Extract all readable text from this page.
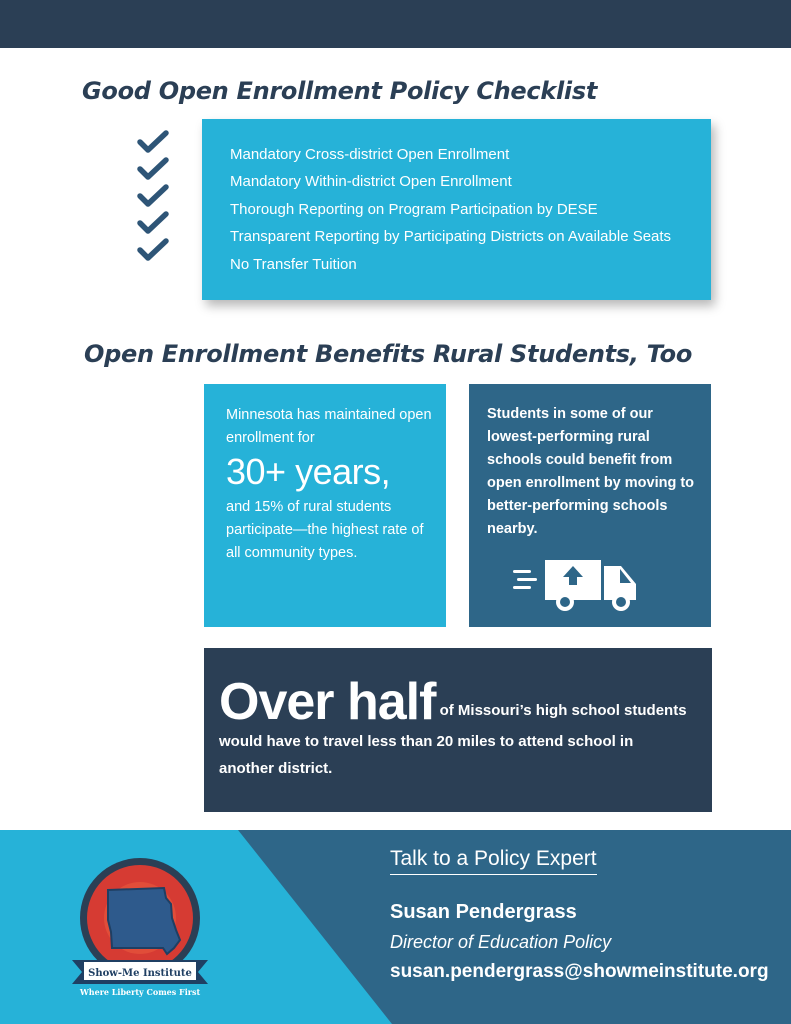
Good Open Enrollment Policy Checklist
Mandatory Cross-district Open Enrollment
Mandatory Within-district Open Enrollment
Thorough Reporting on Program Participation by DESE
Transparent Reporting by Participating Districts on Available Seats
No Transfer Tuition
Open Enrollment Benefits Rural Students, Too
Minnesota has maintained open enrollment for
30+ years,
and 15% of rural students participate—the highest rate of all community types.
Students in some of our lowest-performing rural schools could benefit from open enrollment by moving to better-performing schools nearby.
Over half of Missouri’s high school students would have to travel less than 20 miles to attend school in another district.
Show-Me Institute
Where Liberty Comes First
Talk to a Policy Expert
Susan Pendergrass
Director of Education Policy
susan.pendergrass@showmeinstitute.org
